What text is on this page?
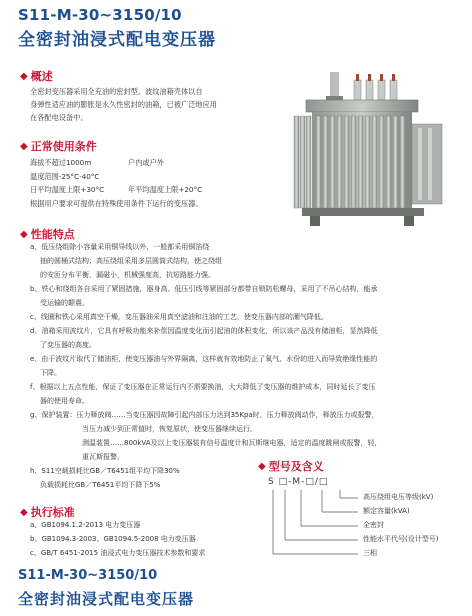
S11-M-30~3150/10
全密封油浸式配电变压器
◆ 概述
全密封变压器采用全充油的密封型。波纹油箱壳体以自
身弹性适应油的膨胀是永久性密封的油箱，已被广泛地应用
在各配电设备中。
◆ 正常使用条件
海拔不超过1000m	户内或户外
温度范围-25°C-40°C
日平均温度上限+30°C	年平均温度上限+20°C
根据用户要求可提供在特殊使用条件下运行的变压器。
◆ 性能特点
a、低压绕组除小容量采用铜导线以外，一般都采用铜箔绕
抽的圆桶式结构；高压绕组采用多层圆筒式结构，使之绕组
的安匝分布平衡，漏磁小，机械强度高，抗短路能力强。
b、铁心和绕组各自采用了紧固措施，器身高、低压引线等紧固部分都带自锁防松螺母，采用了不吊心结构，能承
受运输的颠震。
c、线圈和铁心采用真空干燥，变压器油采用真空滤油和注油的工艺，使变压器内部的潮气降低。
d、油箱采用波纹片，它具有呼吸功能来补偿因温度变化而引起油的体积变化，所以该产品没有储油柜，显然降低
了变压器的高度。
e、由于波纹片取代了储油柜，使变压器油与外界隔离，这样就有效地防止了氧气、水份的进入而导致绝缘性能的
下降。
f、根据以上五点性能，保证了变压器在正常运行内不需要换油，大大降低了变压器的维护成本，同时延长了变压
器的使用寿命。
g、保护装置：压力释放阀……当变压器因故障引起内部压力达到35Kpa时，压力释放阀动作，释放压力或报警，
当压力减少到正常值时，恢复原状，使变压器继续运行。
测温装置……800kVA及以上变压器装有信号温度计和瓦斯继电器，适定的温度跳闸或报警，轻，
重瓦斯报警。
h、S11空载损耗比GB／T6451组平均下降30%
负载损耗比GB／T6451平均下降下5%
◆ 执行标准
a、GB1094.1.2-2013 电力变压器
b、GB1094.3-2003、GB1094.5-2008 电力变压器
c、GB/T 6451-2015 油浸式电力变压器技术参数和要求
◆ 型号及含义
S □-M-□/□
高压绕组电压等级(kV)
额定容量(kVA)
全密封
性能水平代号(设计型号)
三相
S11-M-30~3150/10
全密封油浸式配电变压器
